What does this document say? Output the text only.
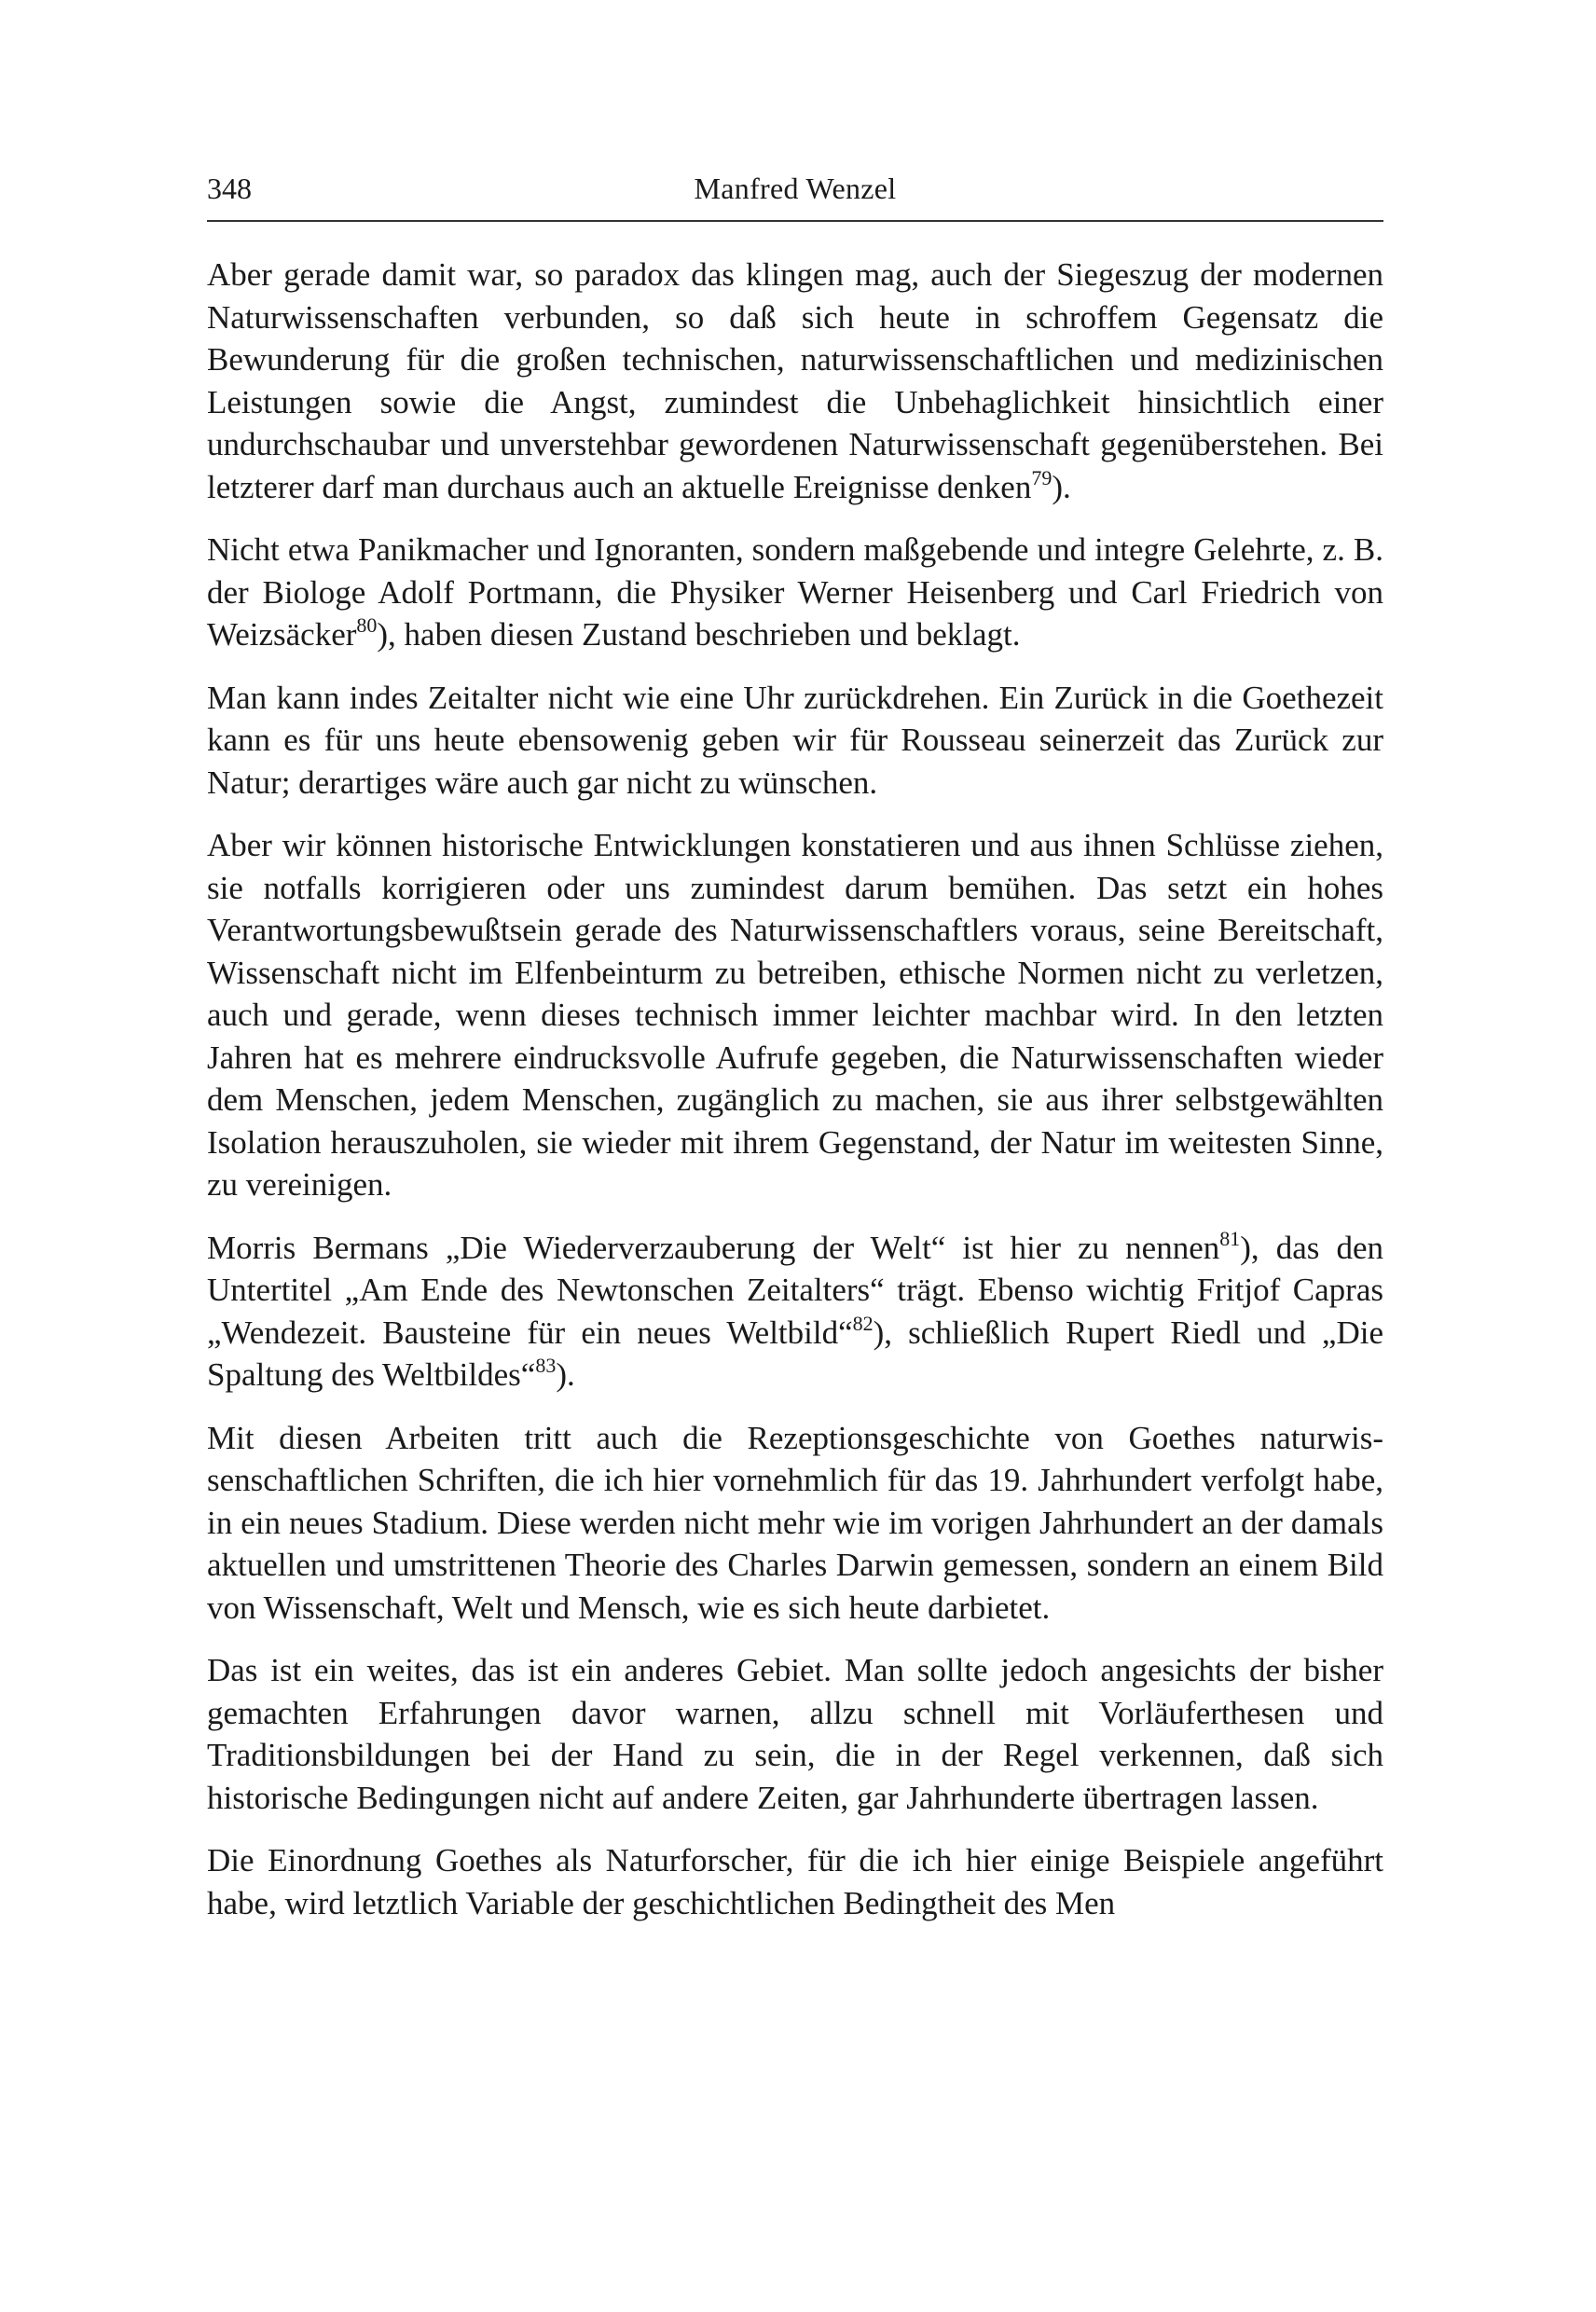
348	Manfred Wenzel

Aber gerade damit war, so paradox das klingen mag, auch der Siegeszug der modernen Naturwissenschaften verbunden, so daß sich heute in schroffem Gegensatz die Bewunderung für die großen technischen, naturwissenschaftlichen und medizinischen Leistungen sowie die Angst, zumindest die Unbehaglichkeit hinsichtlich einer undurchschaubar und unverstehbar gewordenen Naturwissenschaft gegenüberstehen. Bei letzterer darf man durchaus auch an aktuelle Ereignisse denken$^{79}$).

Nicht etwa Panikmacher und Ignoranten, sondern maßgebende und integre Gelehrte, z. B. der Biologe Adolf Portmann, die Physiker Werner Heisenberg und Carl Friedrich von Weizsäcker$^{80}$), haben diesen Zustand beschrieben und beklagt.

Man kann indes Zeitalter nicht wie eine Uhr zurückdrehen. Ein Zurück in die Goethezeit kann es für uns heute ebensowenig geben wir für Rousseau seinerzeit das Zurück zur Natur; derartiges wäre auch gar nicht zu wünschen.

Aber wir können historische Entwicklungen konstatieren und aus ihnen Schlüsse ziehen, sie notfalls korrigieren oder uns zumindest darum bemühen. Das setzt ein hohes Verantwortungsbewußtsein gerade des Naturwissenschaftlers voraus, seine Bereitschaft, Wissenschaft nicht im Elfenbeinturm zu betreiben, ethische Normen nicht zu verletzen, auch und gerade, wenn dieses technisch immer leichter machbar wird. In den letzten Jahren hat es mehrere eindrucksvolle Aufrufe gegeben, die Naturwissenschaften wieder dem Menschen, jedem Menschen, zugänglich zu machen, sie aus ihrer selbstgewählten Isolation herauszuholen, sie wieder mit ihrem Gegenstand, der Natur im weitesten Sinne, zu vereinigen.

Morris Bermans „Die Wiederverzauberung der Welt“ ist hier zu nennen$^{81}$), das den Untertitel „Am Ende des Newtonschen Zeitalters“ trägt. Ebenso wichtig Fritjof Capras „Wendezeit. Bausteine für ein neues Weltbild“$^{82}$), schließlich Rupert Riedl und „Die Spaltung des Weltbildes“$^{83}$).

Mit diesen Arbeiten tritt auch die Rezeptionsgeschichte von Goethes naturwissenschaftlichen Schriften, die ich hier vornehmlich für das 19. Jahrhundert verfolgt habe, in ein neues Stadium. Diese werden nicht mehr wie im vorigen Jahrhundert an der damals aktuellen und umstrittenen Theorie des Charles Darwin gemessen, sondern an einem Bild von Wissenschaft, Welt und Mensch, wie es sich heute darbietet.

Das ist ein weites, das ist ein anderes Gebiet. Man sollte jedoch angesichts der bisher gemachten Erfahrungen davor warnen, allzu schnell mit Vorläuferthesen und Traditionsbildungen bei der Hand zu sein, die in der Regel verkennen, daß sich historische Bedingungen nicht auf andere Zeiten, gar Jahrhunderte übertragen lassen.

Die Einordnung Goethes als Naturforscher, für die ich hier einige Beispiele angeführt habe, wird letztlich Variable der geschichtlichen Bedingtheit des Men
